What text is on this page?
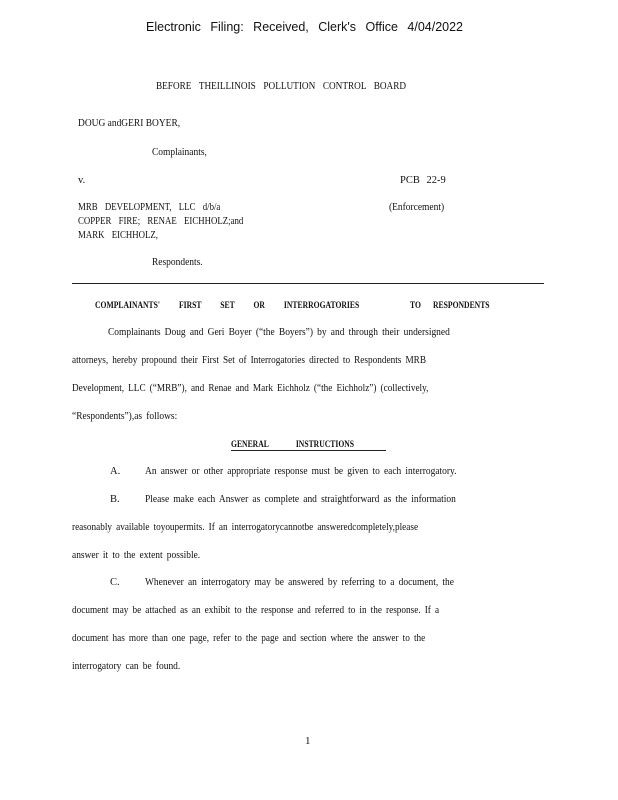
Electronic Filing: Received, Clerk's Office 4/04/2022
BEFORE THEILLINOIS POLLUTION CONTROL BOARD
DOUG andGERI BOYER,
Complainants,
v.	PCB 22-9
MRB DEVELOPMENT, LLC d/b/a
COPPER FIRE; RENAE EICHHOLZ;and
MARK EICHHOLZ,
(Enforcement)
Respondents.
COMPLAINANTS' FIRST SET OR INTERROGATORIES	TO RESPONDENTS
Complainants Doug and Geri Boyer (“the Boyers”) by and through their undersigned
attorneys, hereby propound their First Set of Interrogatories directed to Respondents MRB
Development, LLC (“MRB”), and Renae and Mark Eichholz (“the Eichholz”) (collectively,
“Respondents”),as follows:
GENERAL INSTRUCTIONS
A. An answer or other appropriate response must be given to each interrogatory.
B. Please make each Answer as complete and straightforward as the information
reasonably available toyoupermits. If an interrogatorycannotbe answeredcompletely,please
answer it to the extent possible.
C. Whenever an interrogatory may be answered by referring to a document, the
document may be attached as an exhibit to the response and referred to in the response. If a
document has more than one page, refer to the page and section where the answer to the
interrogatory can be found.
1
